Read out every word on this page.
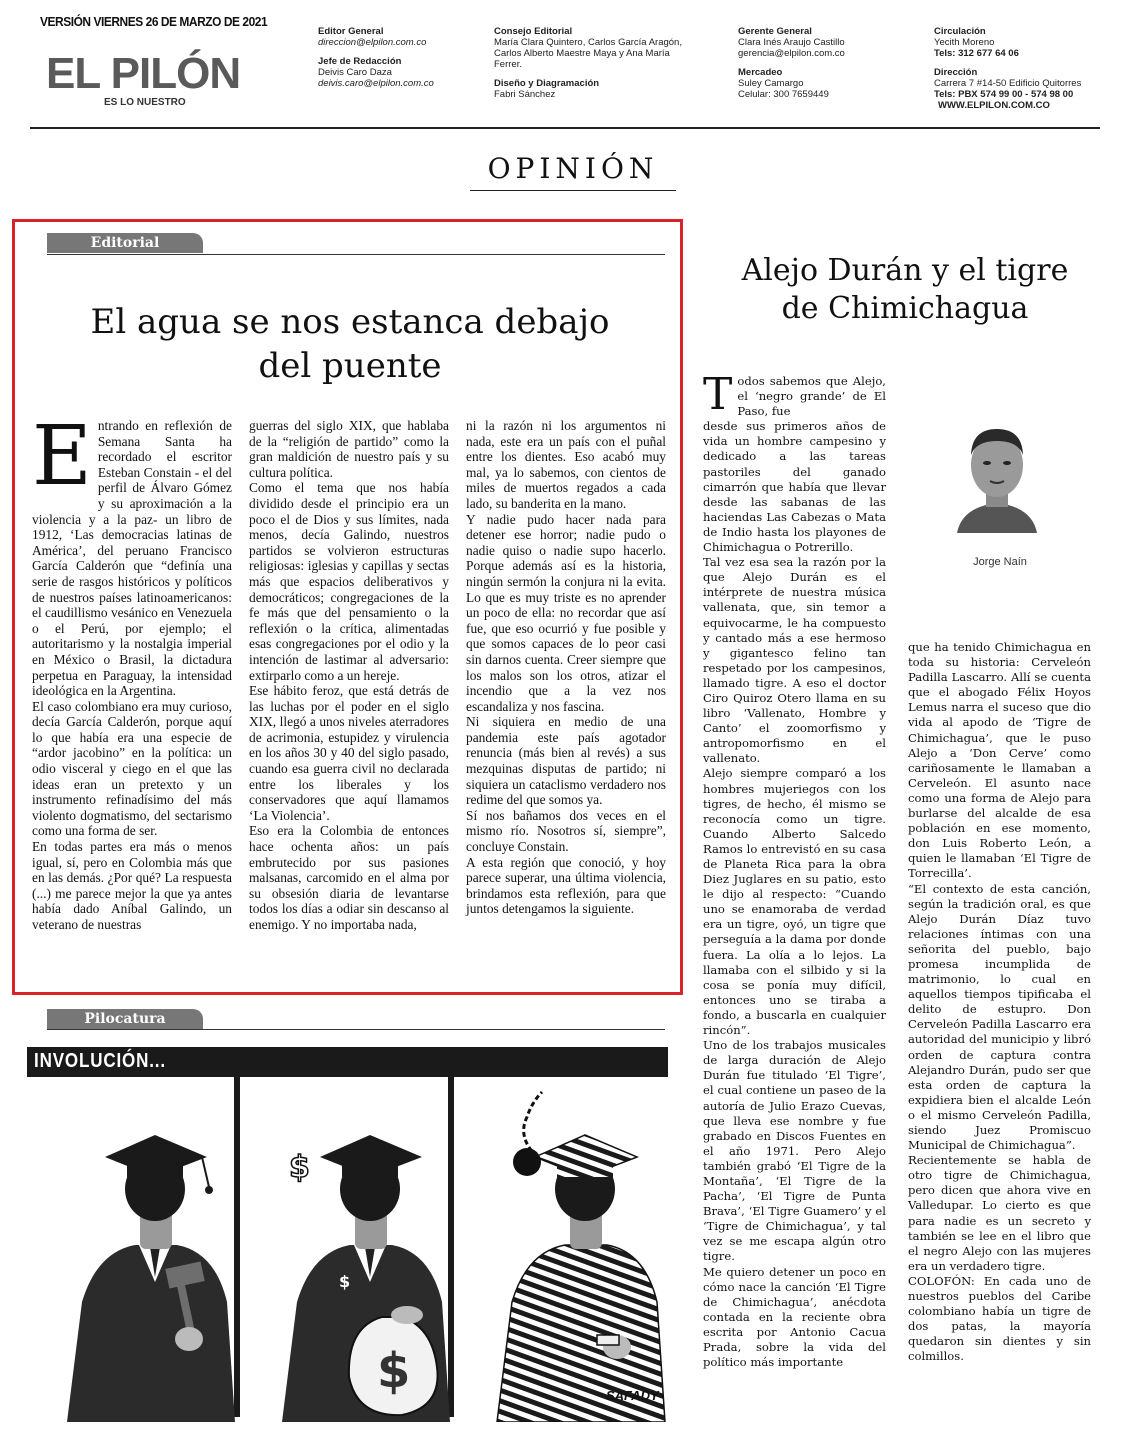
VERSIÓN VIERNES 26 DE MARZO DE 2021
EL PILÓN
ES LO NUESTRO
Editor General
direccion@elpilon.com.co
Jefe de Redacción
Deivis Caro Daza
deivis.caro@elpilon.com.co
Consejo Editorial
María Clara Quintero, Carlos García Aragón,
Carlos Alberto Maestre Maya y Ana María
Ferrer.
Diseño y Diagramación
Fabri Sánchez
Gerente General
Clara Inés Araujo Castillo
gerencia@elpilon.com.co
Mercadeo
Suley Camargo
Celular: 300 7659449
Circulación
Yecith Moreno
Tels: 312 677 64 06
Dirección
Carrera 7 #14-50 Edificio Quitorres
Tels: PBX 574 99 00 - 574 98 00
WWW.ELPILON.COM.CO
OPINIÓN
Editorial
El agua se nos estanca debajo
del puente
E ntrando en reflexión de Semana Santa ha recordado el escritor Esteban Constain - el del perfil de Álvaro Gómez y su aproximación a la violencia y a la paz- un libro de 1912, ‘Las democracias latinas de América’, del peruano Francisco García Calderón que “definía una serie de rasgos históricos y políticos de nuestros países latinoamericanos: el caudillismo vesánico en Venezuela o el Perú, por ejemplo; el autoritarismo y la nostalgia imperial en México o Brasil, la dictadura perpetua en Paraguay, la intensidad ideológica en la Argentina.

El caso colombiano era muy curioso, decía García Calderón, porque aquí lo que había era una especie de “ardor jacobino” en la política: un odio visceral y ciego en el que las ideas eran un pretexto y un instrumento refinadísimo del más violento dogmatismo, del sectarismo como una forma de ser.

En todas partes era más o menos igual, sí, pero en Colombia más que en las demás. ¿Por qué? La respuesta (...) me parece mejor la que ya antes había dado Aníbal Galindo, un veterano de nuestras

guerras del siglo XIX, que hablaba de la “religión de partido” como la gran maldición de nuestro país y su cultura política.

Como el tema que nos había dividido desde el principio era un poco el de Dios y sus límites, nada menos, decía Galindo, nuestros partidos se volvieron estructuras religiosas: iglesias y capillas y sectas más que espacios deliberativos y democráticos; congregaciones de la fe más que del pensamiento o la reflexión o la crítica, alimentadas esas congregaciones por el odio y la intención de lastimar al adversario: extirparlo como a un hereje.

Ese hábito feroz, que está detrás de las luchas por el poder en el siglo XIX, llegó a unos niveles aterradores de acrimonia, estupidez y virulencia en los años 30 y 40 del siglo pasado, cuando esa guerra civil no declarada entre los liberales y los conservadores que aquí llamamos ‘La Violencia’.

Eso era la Colombia de entonces hace ochenta años: un país embrutecido por sus pasiones malsanas, carcomido en el alma por su obsesión diaria de levantarse todos los días a odiar sin descanso al enemigo. Y no importaba nada,

ni la razón ni los argumentos ni nada, este era un país con el puñal entre los dientes. Eso acabó muy mal, ya lo sabemos, con cientos de miles de muertos regados a cada lado, su banderita en la mano.

Y nadie pudo hacer nada para detener ese horror; nadie pudo o nadie quiso o nadie supo hacerlo. Porque además así es la historia, ningún sermón la conjura ni la evita. Lo que es muy triste es no aprender un poco de ella: no recordar que así fue, que eso ocurrió y fue posible y que somos capaces de lo peor casi sin darnos cuenta. Creer siempre que los malos son los otros, atizar el incendio que a la vez nos escandaliza y nos fascina.

Ni siquiera en medio de una pandemia este país agotador renuncia (más bien al revés) a sus mezquinas disputas de partido; ni siquiera un cataclismo verdadero nos redime del que somos ya.

Sí nos bañamos dos veces en el mismo río. Nosotros sí, siempre”, concluye Constain.

A esta región que conoció, y hoy parece superar, una última violencia, brindamos esta reflexión, para que juntos detengamos la siguiente.

Pilocatura
INVOLUCIÓN...
$
$
$	SAFADY
Alejo Durán y el tigre
de Chimichagua
T odos sabemos que Alejo, el ‘negro grande’ de El Paso, fue

desde sus primeros años de vida un hombre campesino y dedicado a las tareas pastoriles del ganado cimarrón que había que llevar desde las sabanas de las haciendas Las Cabezas o Mata de Indio hasta los playones de Chimichagua o Potrerillo.

Tal vez esa sea la razón por la que Alejo Durán es el intérprete de nuestra música vallenata, que, sin temor a equivocarme, le ha compuesto y cantado más a ese hermoso y gigantesco felino tan respetado por los campesinos, llamado tigre. A eso el doctor Ciro Quiroz Otero llama en su libro ‘Vallenato, Hombre y Canto’ el zoomorfismo y antropomorfismo en el vallenato.

Alejo siempre comparó a los hombres mujeriegos con los tigres, de hecho, él mismo se reconocía como un tigre. Cuando Alberto Salcedo Ramos lo entrevistó en su casa de Planeta Rica para la obra Diez Juglares en su patio, esto le dijo al respecto: “Cuando uno se enamoraba de verdad era un tigre, oyó, un tigre que perseguía a la dama por donde fuera. La olía a lo lejos. La llamaba con el silbido y si la cosa se ponía muy difícil, entonces uno se tiraba a fondo, a buscarla en cualquier rincón”.

Uno de los trabajos musicales de larga duración de Alejo Durán fue titulado ‘El Tigre’, el cual contiene un paseo de la autoría de Julio Erazo Cuevas, que lleva ese nombre y fue grabado en Discos Fuentes en el año 1971. Pero Alejo también grabó ‘El Tigre de la Montaña’, ‘El Tigre de la Pacha’, ‘El Tigre de Punta Brava’, ‘El Tigre Guamero’ y el ‘Tigre de Chimichagua’, y tal vez se me escapa algún otro tigre.

Me quiero detener un poco en cómo nace la canción ‘El Tigre de Chimichagua’, anécdota contada en la reciente obra escrita por Antonio Cacua Prada, sobre la vida del político más importante

Jorge Naín

que ha tenido Chimichagua en toda su historia: Cerveleón Padilla Lascarro. Allí se cuenta que el abogado Félix Hoyos Lemus narra el suceso que dio vida al apodo de ‘Tigre de Chimichagua’, que le puso Alejo a ‘Don Cerve’ como cariñosamente le llamaban a Cerveleón. El asunto nace como una forma de Alejo para burlarse del alcalde de esa población en ese momento, don Luis Roberto León, a quien le llamaban ‘El Tigre de Torrecilla’.

“El contexto de esta canción, según la tradición oral, es que Alejo Durán Díaz tuvo relaciones íntimas con una señorita del pueblo, bajo promesa incumplida de matrimonio, lo cual en aquellos tiempos tipificaba el delito de estupro. Don Cerveleón Padilla Lascarro era autoridad del municipio y libró orden de captura contra Alejandro Durán, pudo ser que esta orden de captura la expidiera bien el alcalde León o el mismo Cerveleón Padilla, siendo Juez Promiscuo Municipal de Chimichagua”.

Recientemente se habla de otro tigre de Chimichagua, pero dicen que ahora vive en Valledupar. Lo cierto es que para nadie es un secreto y también se lee en el libro que el negro Alejo con las mujeres era un verdadero tigre.

COLOFÓN: En cada uno de nuestros pueblos del Caribe colombiano había un tigre de dos patas, la mayoría quedaron sin dientes y sin colmillos.
